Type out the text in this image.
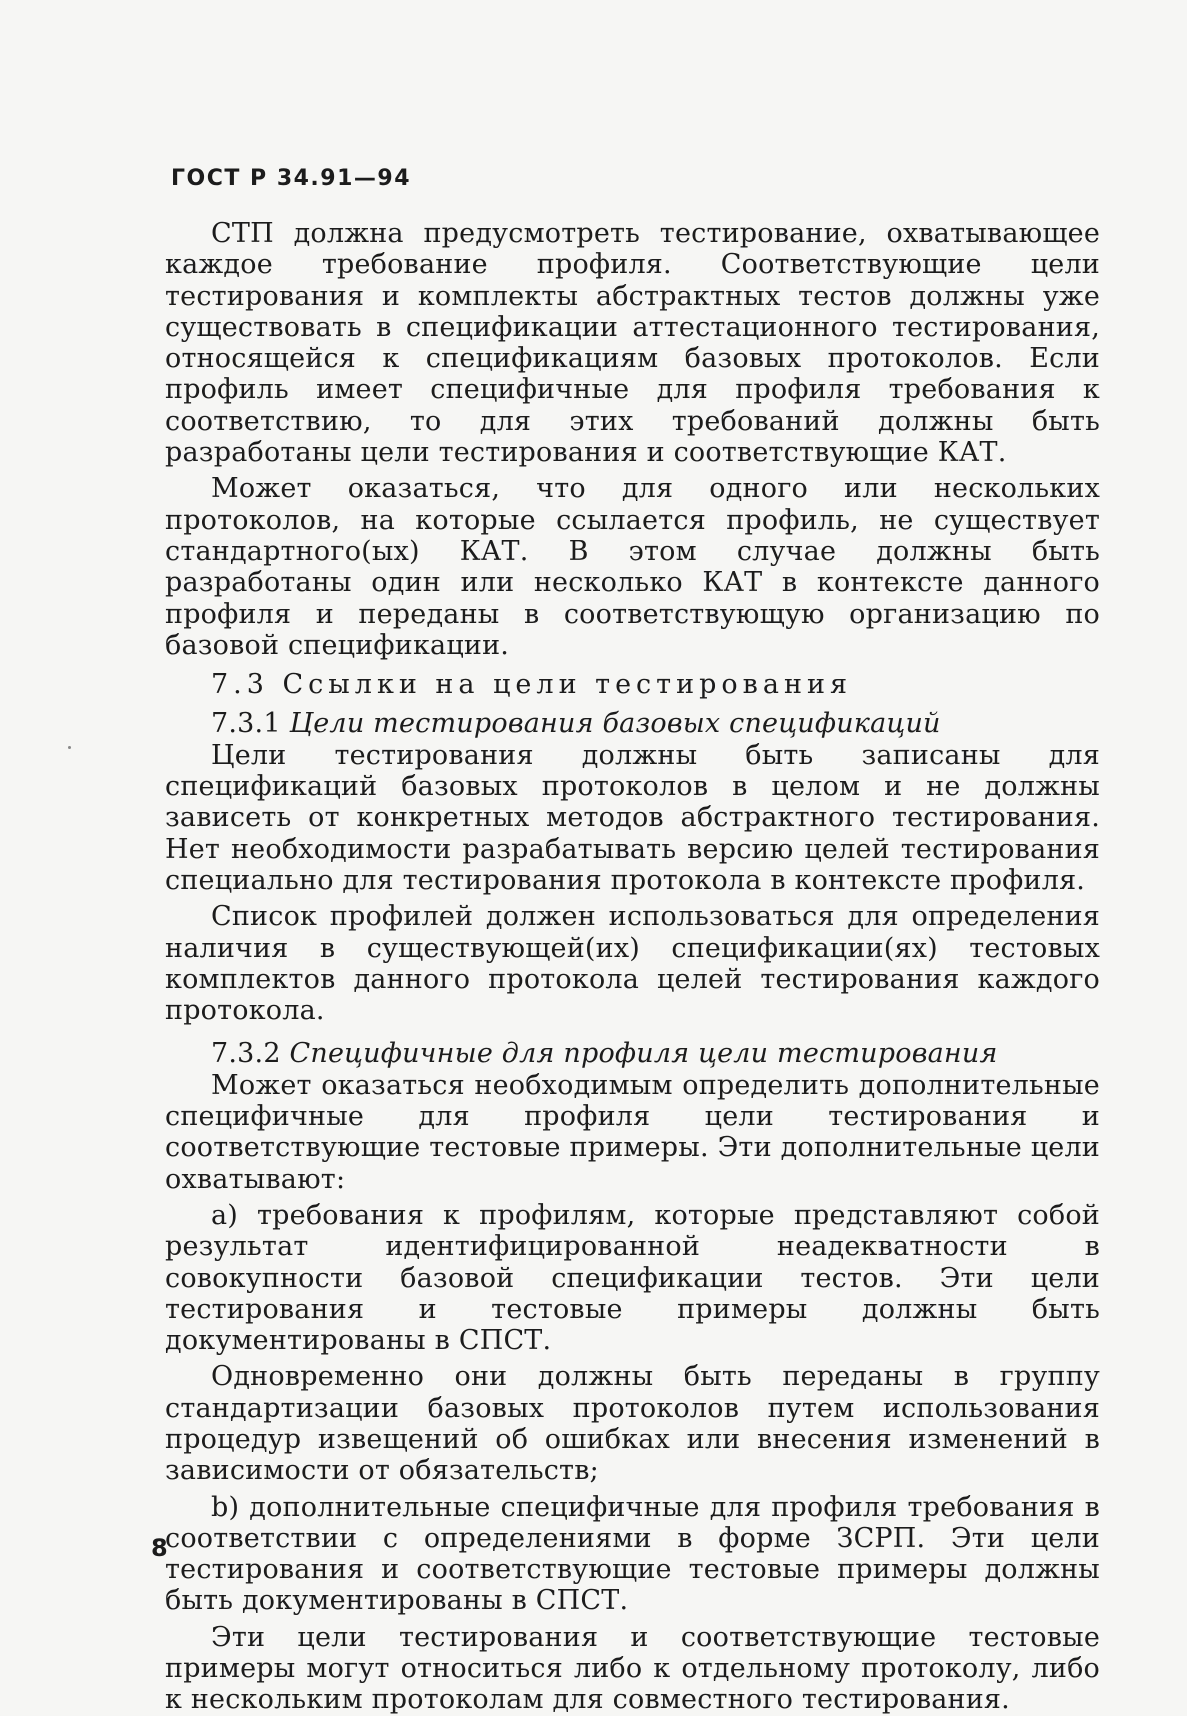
ГОСТ Р 34.91—94

СТП должна предусмотреть тестирование, охватывающее каждое требование профиля. Соответствующие цели тестирования и комплекты абстрактных тестов должны уже существовать в спецификации аттестационного тестирования, относящейся к спецификациям базовых протоколов. Если профиль имеет специфичные для профиля требования к соответствию, то для этих требований должны быть разработаны цели тестирования и соответствующие КАТ.

Может оказаться, что для одного или нескольких протоколов, на которые ссылается профиль, не существует стандартного(ых) КАТ. В этом случае должны быть разработаны один или несколько КАТ в контексте данного профиля и переданы в соответствующую организацию по базовой спецификации.

7.3 Ссылки на цели тестирования

7.3.1 Цели тестирования базовых спецификаций

Цели тестирования должны быть записаны для спецификаций базовых протоколов в целом и не должны зависеть от конкретных методов абстрактного тестирования. Нет необходимости разрабатывать версию целей тестирования специально для тестирования протокола в контексте профиля.

Список профилей должен использоваться для определения наличия в существующей(их) спецификации(ях) тестовых комплектов данного протокола целей тестирования каждого протокола.

7.3.2 Специфичные для профиля цели тестирования

Может оказаться необходимым определить дополнительные специфичные для профиля цели тестирования и соответствующие тестовые примеры. Эти дополнительные цели охватывают:

a) требования к профилям, которые представляют собой результат идентифицированной неадекватности в совокупности базовой спецификации тестов. Эти цели тестирования и тестовые примеры должны быть документированы в СПСТ.

Одновременно они должны быть переданы в группу стандартизации базовых протоколов путем использования процедур извещений об ошибках или внесения изменений в зависимости от обязательств;

b) дополнительные специфичные для профиля требования в соответствии с определениями в форме ЗСРП. Эти цели тестирования и соответствующие тестовые примеры должны быть документированы в СПСТ.

Эти цели тестирования и соответствующие тестовые примеры могут относиться либо к отдельному протоколу, либо к нескольким протоколам для совместного тестирования.

8
